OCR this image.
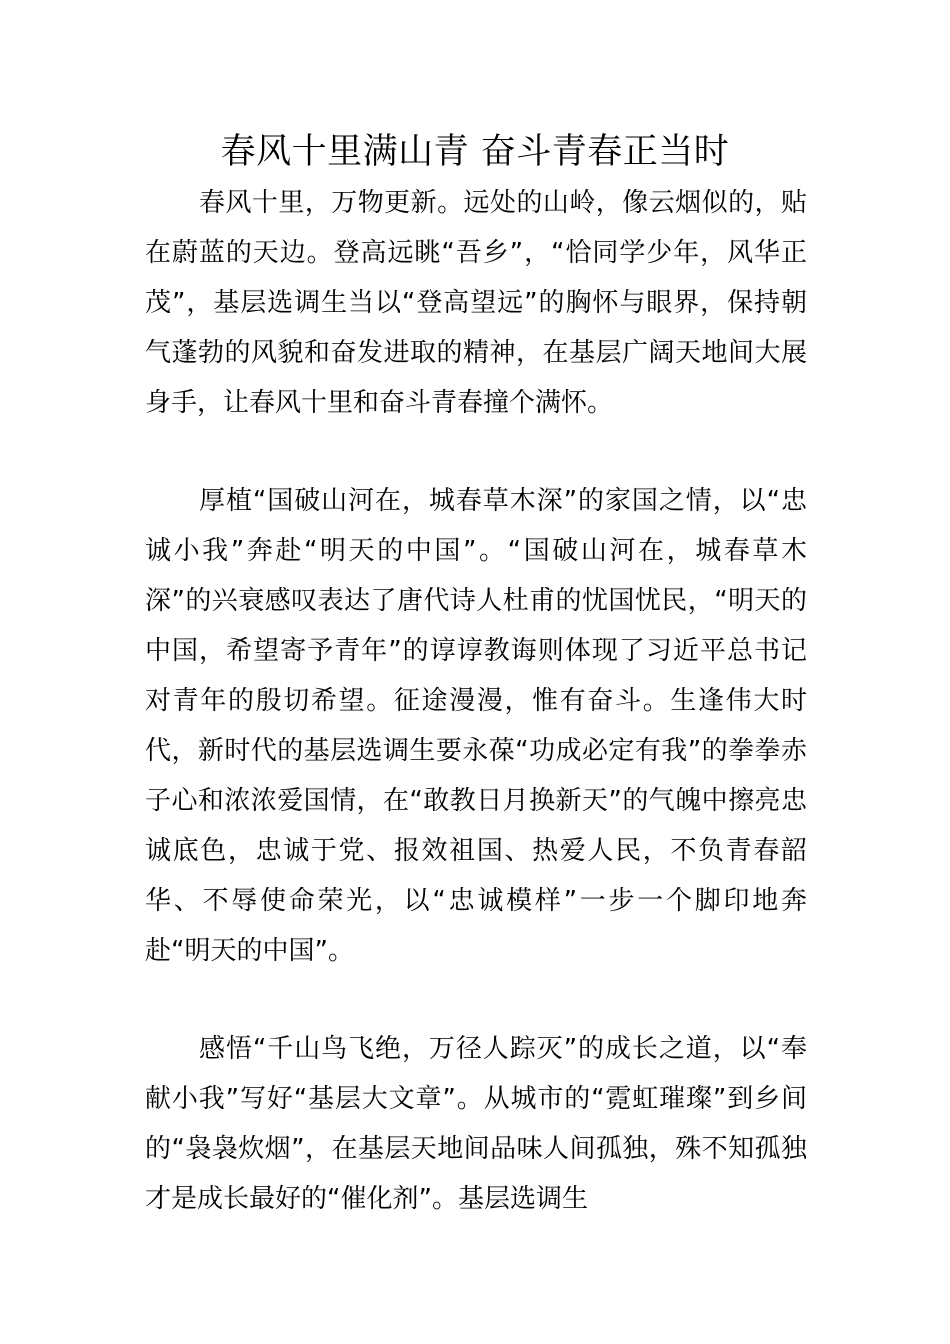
春风十里满山青 奋斗青春正当时

春风十里，万物更新。远处的山岭，像云烟似的，贴在蔚蓝的天边。登高远眺“吾乡”，“恰同学少年，风华正茂”，基层选调生当以“登高望远”的胸怀与眼界，保持朝气蓬勃的风貌和奋发进取的精神，在基层广阔天地间大展身手，让春风十里和奋斗青春撞个满怀。

厚植“国破山河在，城春草木深”的家国之情，以“忠诚小我”奔赴“明天的中国”。“国破山河在，城春草木深”的兴衰感叹表达了唐代诗人杜甫的忧国忧民，“明天的中国，希望寄予青年”的谆谆教诲则体现了习近平总书记对青年的殷切希望。征途漫漫，惟有奋斗。生逢伟大时代，新时代的基层选调生要永葆“功成必定有我”的拳拳赤子心和浓浓爱国情，在“敢教日月换新天”的气魄中擦亮忠诚底色，忠诚于党、报效祖国、热爱人民，不负青春韶华、不辱使命荣光，以“忠诚模样”一步一个脚印地奔赴“明天的中国”。

感悟“千山鸟飞绝，万径人踪灭”的成长之道，以“奉献小我”写好“基层大文章”。从城市的“霓虹璀璨”到乡间的“袅袅炊烟”，在基层天地间品味人间孤独，殊不知孤独才是成长最好的“催化剂”。基层选调生
